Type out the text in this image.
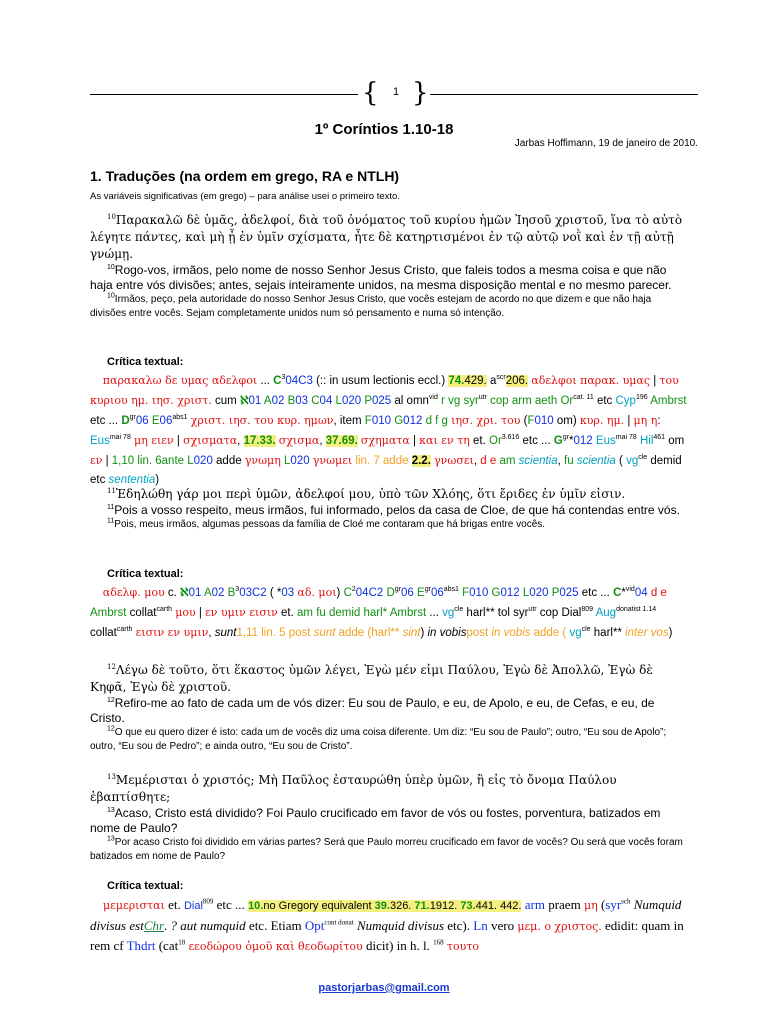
{	1 }
1º Coríntios 1.10-18
Jarbas Hoffimann, 19 de janeiro de 2010.
1. Traduções (na ordem em grego, RA e NTLH)
As variáveis significativas (em grego) – para análise usei o primeiro texto.

$^{10}$Παρακαλῶ δὲ ὑμᾶς, ἀδελφοί, διὰ τοῦ ὀνόματος τοῦ κυρίου ἡμῶν Ἰησοῦ χριστοῦ, ἵνα τὸ αὐτὸ λέγητε πάντες, καὶ μὴ ᾖ ἐν ὑμῖν σχίσματα, ἦτε δὲ κατηρτισμένοι ἐν τῷ αὐτῷ νοῒ καὶ ἐν τῇ αὐτῇ γνώμῃ.

$^{10}$Rogo-vos, irmãos, pelo nome de nosso Senhor Jesus Cristo, que faleis todos a mesma coisa e que não haja entre vós divisões; antes, sejais inteiramente unidos, na mesma disposição mental e no mesmo parecer.

$^{10}$Irmãos, peço, pela autoridade do nosso Senhor Jesus Cristo, que vocês estejam de acordo no que dizem e que não haja divisões entre vocês. Sejam completamente unidos num só pensamento e numa só intenção.

Crítica textual:

παρακαλω δε υμας αδελφοι ... $C^304C3$ (:: in usum lectionis eccl.) 74.429. $a^{scr}206$. αδελφοι παρακ. υμας | του κυριου ημ. ιησ. χριστ. cum ℵ01 A02 B03 C04 L020 P025 al omn$^{vid}$ r vg syr$^{utr}$ cop arm aeth $Or^{cat. 11}$ etc Cyp$^{196}$ Ambrst etc ... $D^{gr}06$ $E06^{abs1}$ χριστ. ιησ. του κυρ. ημων, item F010 G012 d f g ιησ. χρι. του (F010 om) κυρ. ημ. | μη η: Eus$^{mai 78}$ μη ειεν | σχισματα, 17.33. σχισμα, 37.69. σχηματα | και εν τη et. $Or^{3.616}$ etc ... $G^{gr}*012$ Eus$^{mai 78}$ Hil$^{461}$ om εν | 1,10 lin. 6ante L020 adde γνωμη L020 γνωμει lin. 7 adde 2.2. γνωσει, d e am scientia, fu scientia ( $vg^{cle}$ demid etc sententia)

$^{11}$Ἐδηλώθη γάρ μοι περὶ ὑμῶν, ἀδελφοί μου, ὑπὸ τῶν Χλόης, ὅτι ἔριδες ἐν ὑμῖν εἰσιν.

$^{11}$Pois a vosso respeito, meus irmãos, fui informado, pelos da casa de Cloe, de que há contendas entre vós.

$^{11}$Pois, meus irmãos, algumas pessoas da família de Cloé me contaram que há brigas entre vocês.

Crítica textual:

αδελφ. μου c. ℵ01 A02 $B^303C2$ ( *03 αδ. μοι) $C^204C2$ $D^{gr}06$ $E^{gr}06^{abs1}$ F010 G012 L020 P025 etc ... C*$^{vid}$04 d e Ambrst collat$^{carth}$ μου | εν υμιν εισιν et. am fu demid harl* Ambrst ... $vg^{cle}$ harl** tol syr$^{utr}$ cop Dial$^{809}$ Aug$^{donatist 1.14}$ collat$^{carth}$ εισιν εν υμιν, sunt1,11 lin. 5 post sunt adde (harl** sint) in vobispost in vobis adde ( $vg^{cle}$ harl** inter vos)

$^{12}$Λέγω δὲ τοῦτο, ὅτι ἕκαστος ὑμῶν λέγει, Ἐγὼ μέν εἰμι Παύλου, Ἐγὼ δὲ Ἀπολλῶ, Ἐγὼ δὲ Κηφᾶ, Ἐγὼ δὲ χριστοῦ.

$^{12}$Refiro-me ao fato de cada um de vós dizer: Eu sou de Paulo, e eu, de Apolo, e eu, de Cefas, e eu, de Cristo.

$^{12}$O que eu quero dizer é isto: cada um de vocês diz uma coisa diferente. Um diz: “Eu sou de Paulo”; outro, “Eu sou de Apolo”; outro, “Eu sou de Pedro”; e ainda outro, “Eu sou de Cristo”.

$^{13}$Μεμέρισται ὁ χριστός; Μὴ Παῦλος ἐσταυρώθη ὑπὲρ ὑμῶν, ἢ εἰς τὸ ὄνομα Παύλου ἐβαπτίσθητε;

$^{13}$Acaso, Cristo está dividido? Foi Paulo crucificado em favor de vós ou fostes, porventura, batizados em nome de Paulo?

$^{13}$Por acaso Cristo foi dividido em várias partes? Será que Paulo morreu crucificado em favor de vocês? Ou será que vocês foram batizados em nome de Paulo?

Crítica textual:

μεμερισται et. Dial$^{809}$ etc ... 10.no Gregory equivalent 39.326. 71.1912. 73.441. 442. arm praem μη (syr$^{sch}$ Numquid divisus estChr. ? aut numquid etc. Etiam Opt$^{cont donat}$ Numquid divisus etc). Ln vero μεμ. ο χριστος. edidit: quam in rem cf Thdrt (cat$^{18}$ εεοδώρου ὁμοῦ καὶ θεοδωρίτου dicit) in h. l. $^{168}$ τουτο

pastorjarbas@gmail.com
